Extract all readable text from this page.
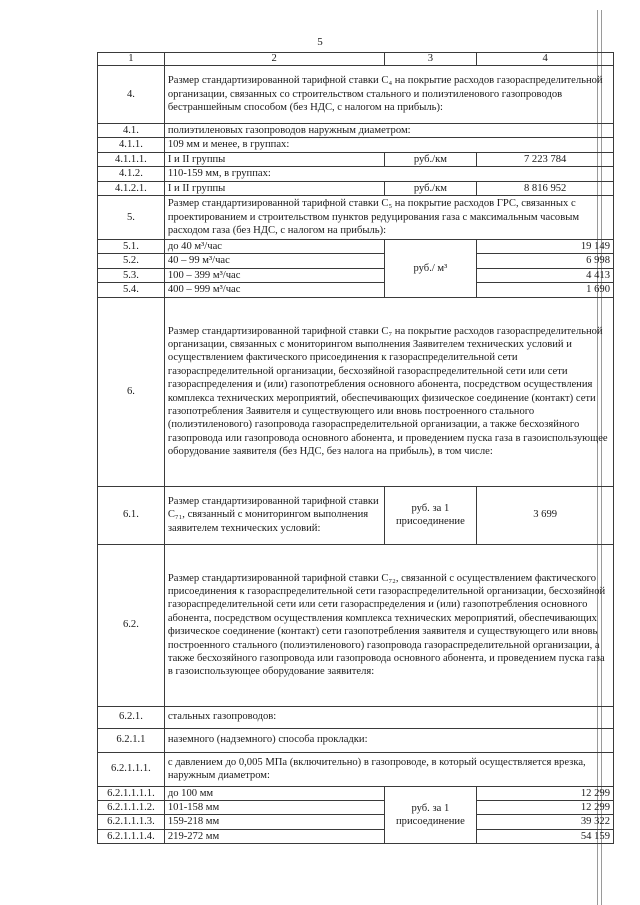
5
1	2	3	4
4.	Размер стандартизированной тарифной ставки С₄ на покрытие расходов газораспределительной организации, связанных со строительством стального и полиэтиленового газопроводов бестраншейным способом (без НДС, с налогом на прибыль):		
4.1.	полиэтиленовых газопроводов наружным диаметром:		
4.1.1.	109 мм и менее, в группах:		
4.1.1.1.	I и II группы	руб./км	7 223 784
4.1.2.	110-159 мм, в группах:		
4.1.2.1.	I и II группы	руб./км	8 816 952
5.	Размер стандартизированной тарифной ставки С₅ на покрытие расходов ГРС, связанных с проектированием и строительством пунктов редуцирования газа с максимальным часовым расходом газа (без НДС, с налогом на прибыль):		
5.1.	до 40 м³/час	руб./ м³	19 149
5.2.	40 – 99 м³/час		6 998
5.3.	100 – 399 м³/час		4 413
5.4.	400 – 999 м³/час		1 690
6.	Размер стандартизированной тарифной ставки С₇ на покрытие расходов газораспределительной организации, связанных с мониторингом выполнения Заявителем технических условий и осуществлением фактического присоединения к газораспределительной сети газораспределительной организации, бесхозяйной газораспределительной сети или сети газораспределения и (или) газопотребления основного абонента, посредством осуществления комплекса технических мероприятий, обеспечивающих физическое соединение (контакт) сети газопотребления Заявителя и существующего или вновь построенного стального (полиэтиленового) газопровода газораспределительной организации, а также бесхозяйного газопровода или газопровода основного абонента, и проведением пуска газа в газоиспользующее оборудование заявителя (без НДС, без налога на прибыль), в том числе:		
6.1.	Размер стандартизированной тарифной ставки С₇₁, связанный с мониторингом выполнения заявителем технических условий:	руб. за 1 присоединение	3 699
6.2.	Размер стандартизированной тарифной ставки С₇₂, связанной с осуществлением фактического присоединения к газораспределительной сети газораспределительной организации, бесхозяйной газораспределительной сети или сети газораспределения и (или) газопотребления основного абонента, посредством осуществления комплекса технических мероприятий, обеспечивающих физическое соединение (контакт) сети газопотребления заявителя и существующего или вновь построенного стального (полиэтиленового) газопровода газораспределительной организации, а также бесхозяйного газопровода или газопровода основного абонента, и проведением пуска газа в газоиспользующее оборудование заявителя:		
6.2.1.	стальных газопроводов:		
6.2.1.1	наземного (надземного) способа прокладки:		
6.2.1.1.1.	с давлением до 0,005 МПа (включительно) в газопроводе, в который осуществляется врезка, наружным диаметром:		
6.2.1.1.1.1.	до 100 мм	руб. за 1 присоединение	12 299
6.2.1.1.1.2.	101-158 мм		12 299
6.2.1.1.1.3.	159-218 мм		39 322
6.2.1.1.1.4.	219-272 мм		54 159
